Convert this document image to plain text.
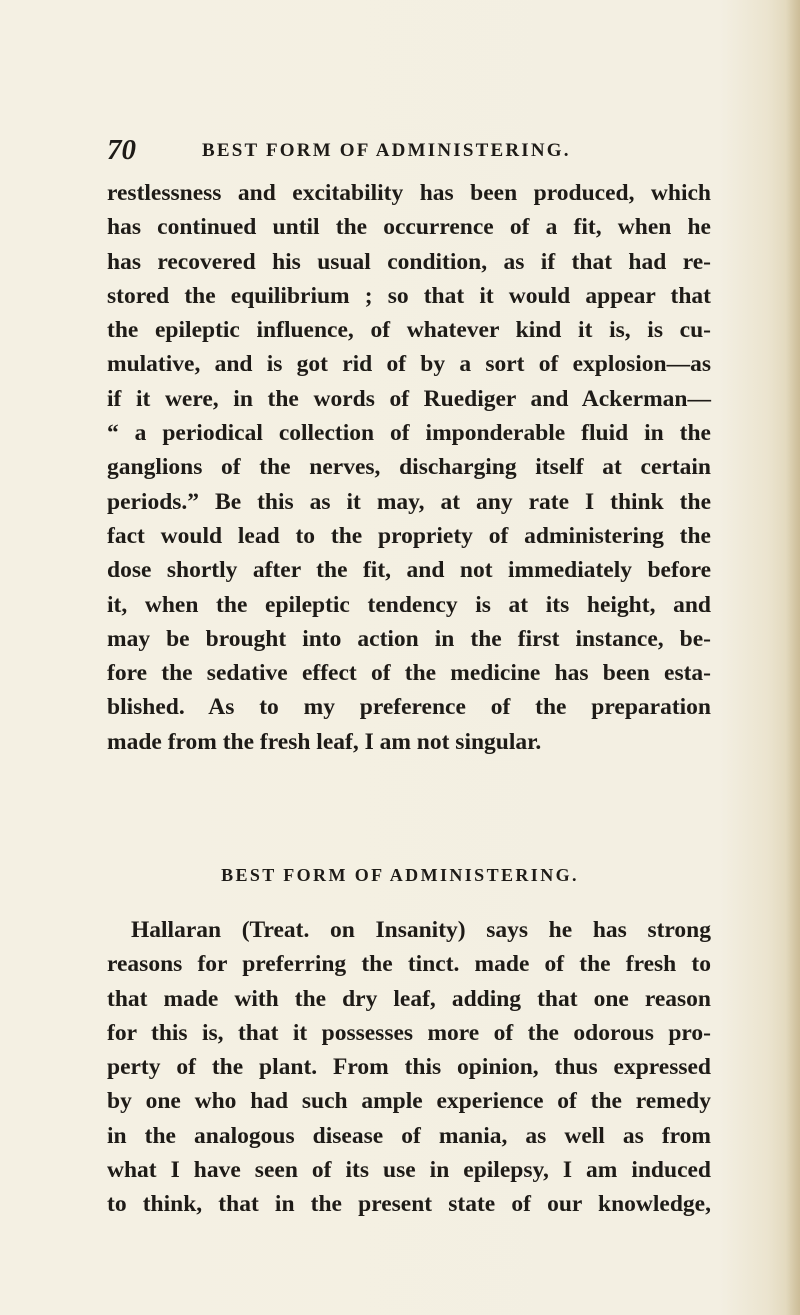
70	BEST FORM OF ADMINISTERING.
restlessness and excitability has been produced, which
has continued until the occurrence of a fit, when he
has recovered his usual condition, as if that had re-
stored the equilibrium ; so that it would appear that
the epileptic influence, of whatever kind it is, is cu-
mulative, and is got rid of by a sort of explosion—as
if it were, in the words of Ruediger and Ackerman—
“ a periodical collection of imponderable fluid in the
ganglions of the nerves, discharging itself at certain
periods.” Be this as it may, at any rate I think the
fact would lead to the propriety of administering the
dose shortly after the fit, and not immediately before
it, when the epileptic tendency is at its height, and
may be brought into action in the first instance, be-
fore the sedative effect of the medicine has been esta-
blished. As to my preference of the preparation
made from the fresh leaf, I am not singular.
BEST FORM OF ADMINISTERING.
Hallaran (Treat. on Insanity) says he has strong
reasons for preferring the tinct. made of the fresh to
that made with the dry leaf, adding that one reason
for this is, that it possesses more of the odorous pro-
perty of the plant. From this opinion, thus expressed
by one who had such ample experience of the remedy
in the analogous disease of mania, as well as from
what I have seen of its use in epilepsy, I am induced
to think, that in the present state of our knowledge,
